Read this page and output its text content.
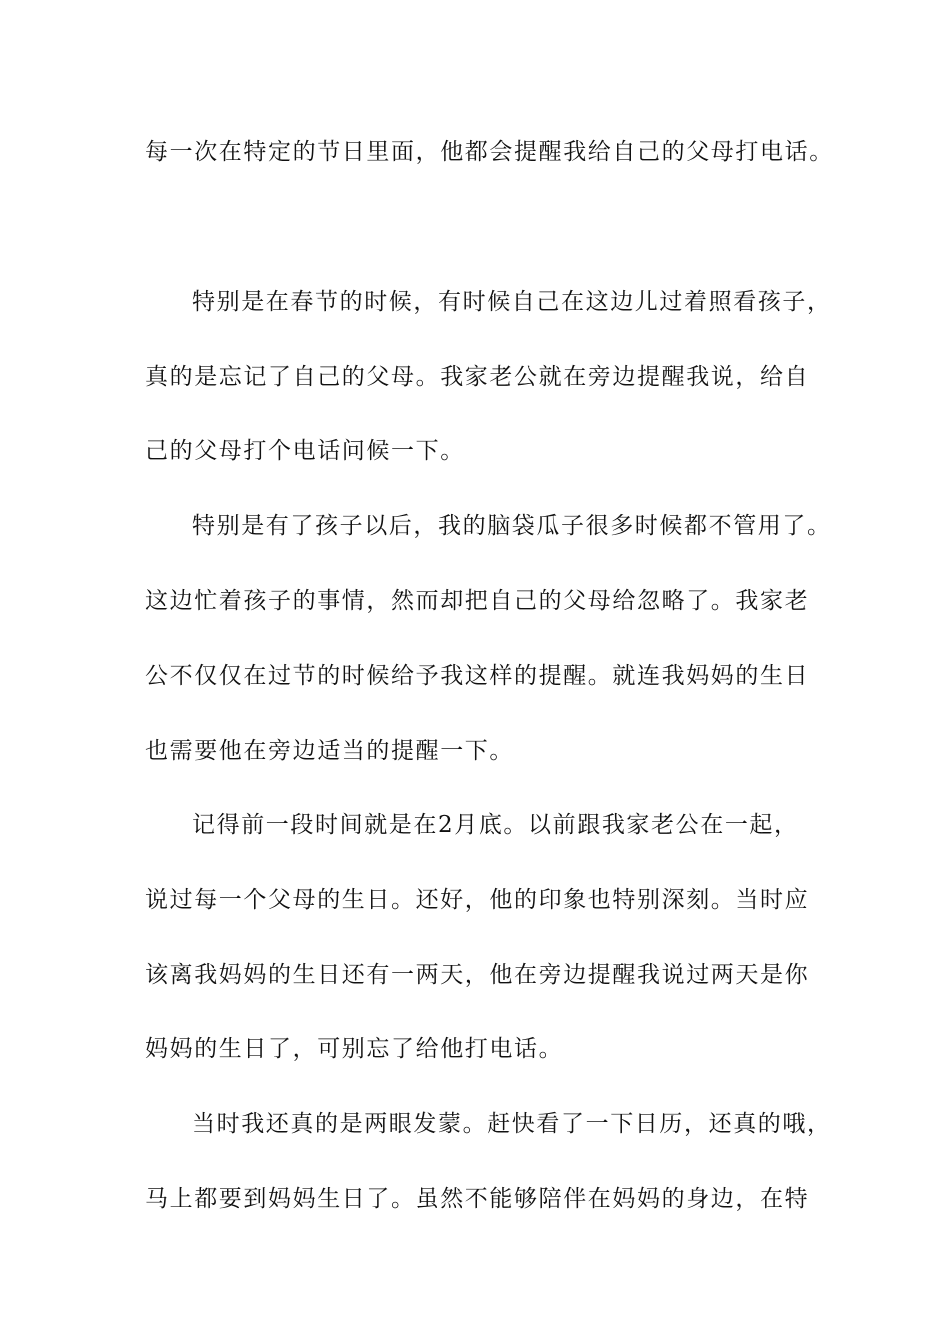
每一次在特定的节日里面，他都会提醒我给自己的父母打电话。
特别是在春节的时候，有时候自己在这边儿过着照看孩子，
真的是忘记了自己的父母。我家老公就在旁边提醒我说，给自
己的父母打个电话问候一下。
特别是有了孩子以后，我的脑袋瓜子很多时候都不管用了。
这边忙着孩子的事情，然而却把自己的父母给忽略了。我家老
公不仅仅在过节的时候给予我这样的提醒。就连我妈妈的生日
也需要他在旁边适当的提醒一下。
记得前一段时间就是在2月底。以前跟我家老公在一起，
说过每一个父母的生日。还好，他的印象也特别深刻。当时应
该离我妈妈的生日还有一两天，他在旁边提醒我说过两天是你
妈妈的生日了，可别忘了给他打电话。
当时我还真的是两眼发蒙。赶快看了一下日历，还真的哦，
马上都要到妈妈生日了。虽然不能够陪伴在妈妈的身边，在特
